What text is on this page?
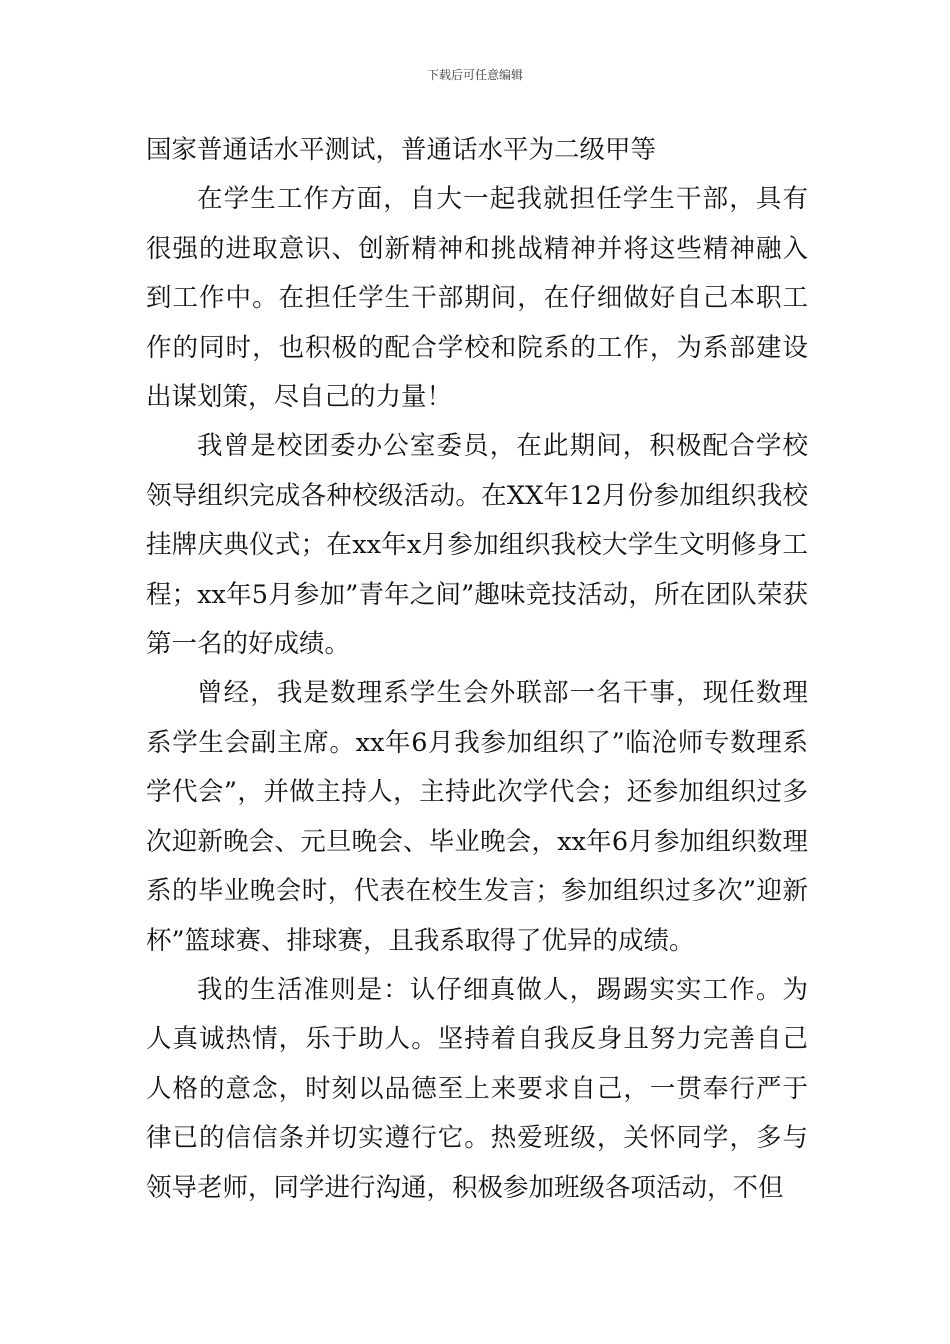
下载后可任意编辑

国家普通话水平测试，普通话水平为二级甲等

在学生工作方面，自大一起我就担任学生干部，具有很强的进取意识、创新精神和挑战精神并将这些精神融入到工作中。在担任学生干部期间，在仔细做好自己本职工作的同时，也积极的配合学校和院系的工作，为系部建设出谋划策，尽自己的力量！

我曾是校团委办公室委员，在此期间，积极配合学校领导组织完成各种校级活动。在XX年12月份参加组织我校挂牌庆典仪式；在xx年x月参加组织我校大学生文明修身工程；xx年5月参加”青年之间”趣味竞技活动，所在团队荣获第一名的好成绩。

曾经，我是数理系学生会外联部一名干事，现任数理系学生会副主席。xx年6月我参加组织了”临沧师专数理系学代会”，并做主持人，主持此次学代会；还参加组织过多次迎新晚会、元旦晚会、毕业晚会，xx年6月参加组织数理系的毕业晚会时，代表在校生发言；参加组织过多次”迎新杯”篮球赛、排球赛，且我系取得了优异的成绩。

我的生活准则是：认仔细真做人，踢踢实实工作。为人真诚热情，乐于助人。坚持着自我反身且努力完善自己人格的意念，时刻以品德至上来要求自己，一贯奉行严于律已的信信条并切实遵行它。热爱班级，关怀同学，多与领导老师，同学进行沟通，积极参加班级各项活动，不但
